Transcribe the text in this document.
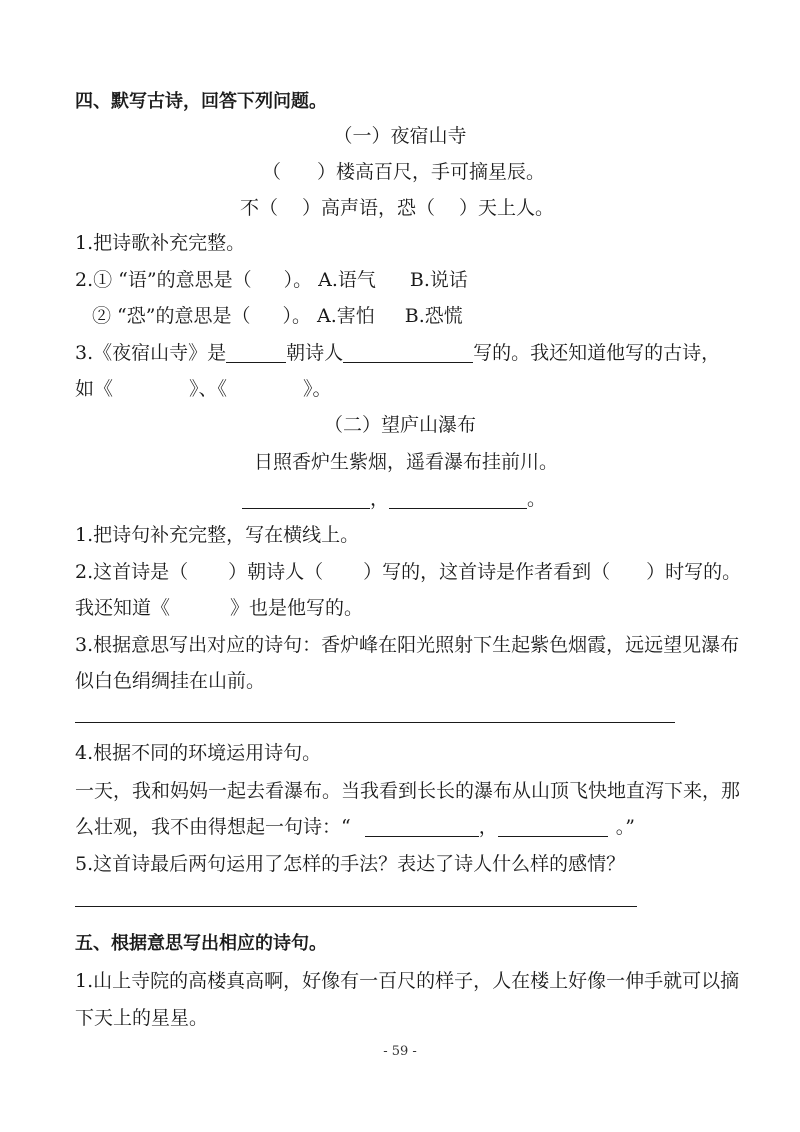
四、默写古诗，回答下列问题。
（一）夜宿山寺
（ ）楼高百尺，手可摘星辰。
不（ ）高声语，恐（ ）天上人。
1.把诗歌补充完整。
2.① “语”的意思是（ ）。 A.语气 B.说话
② “恐”的意思是（ ）。 A.害怕 B.恐慌
3.《夜宿山寺》是	朝诗人	写的。我还知道他写的古诗，
如《	》、《	》。
（二）望庐山瀑布
日照香炉生紫烟，遥看瀑布挂前川。
，	。
1.把诗句补充完整，写在横线上。
2.这首诗是（ ）朝诗人（ ）写的，这首诗是作者看到（ ）时写的。
我还知道《	》也是他写的。
3.根据意思写出对应的诗句：香炉峰在阳光照射下生起紫色烟霞，远远望见瀑布
似白色绢绸挂在山前。
4.根据不同的环境运用诗句。
一天，我和妈妈一起去看瀑布。当我看到长长的瀑布从山顶飞快地直泻下来，那
么壮观，我不由得想起一句诗：“	，	。”
5.这首诗最后两句运用了怎样的手法？表达了诗人什么样的感情？
五、根据意思写出相应的诗句。
1.山上寺院的高楼真高啊，好像有一百尺的样子，人在楼上好像一伸手就可以摘
下天上的星星。
- 59 -
